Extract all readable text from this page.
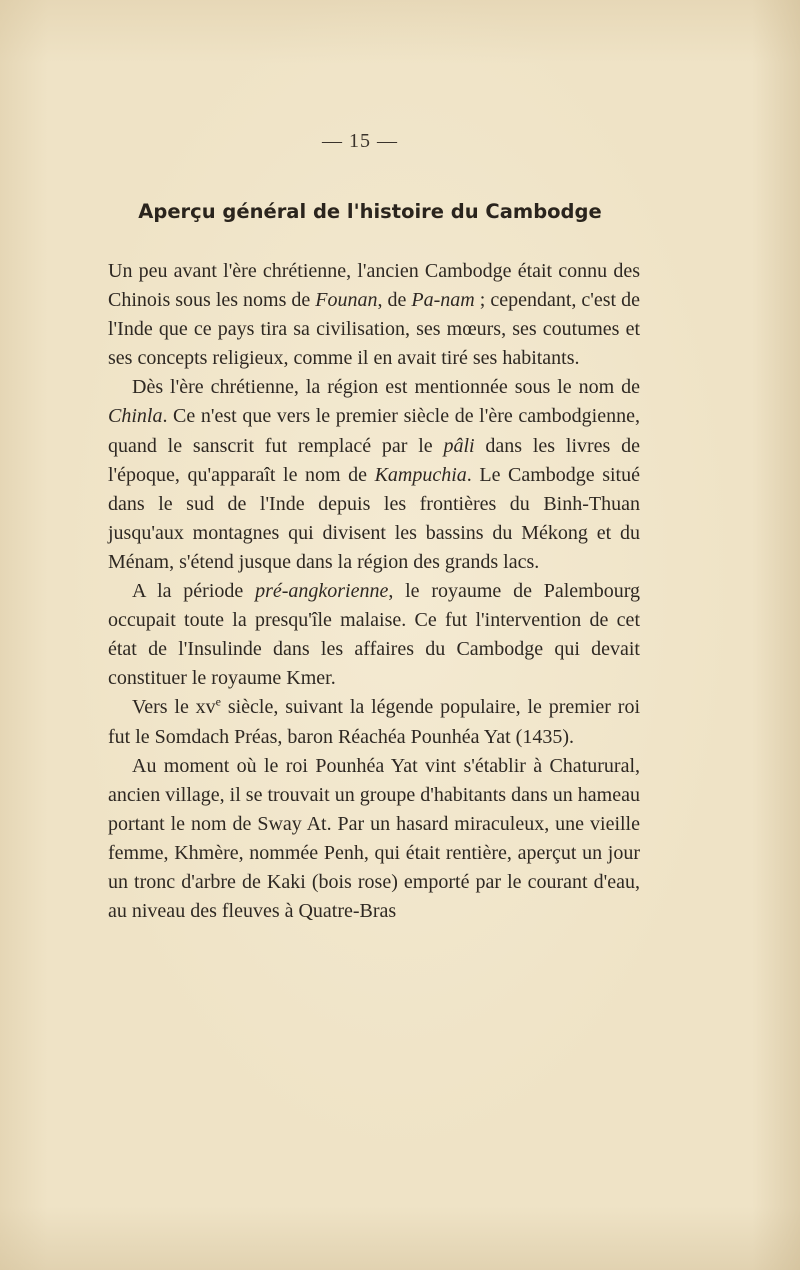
— 15 —
Aperçu général de l'histoire du Cambodge

Un peu avant l'ère chrétienne, l'ancien Cambodge était connu des Chinois sous les noms de Founan, de Pa-nam ; cependant, c'est de l'Inde que ce pays tira sa civilisation, ses mœurs, ses coutumes et ses concepts religieux, comme il en avait tiré ses habitants.

Dès l'ère chrétienne, la région est mentionnée sous le nom de Chinla. Ce n'est que vers le premier siècle de l'ère cambodgienne, quand le sanscrit fut remplacé par le pâli dans les livres de l'époque, qu'apparaît le nom de Kampuchia. Le Cambodge situé dans le sud de l'Inde depuis les frontières du Binh-Thuan jusqu'aux montagnes qui divisent les bassins du Mékong et du Ménam, s'étend jusque dans la région des grands lacs.

A la période pré-angkorienne, le royaume de Palembourg occupait toute la presqu'île malaise. Ce fut l'intervention de cet état de l'Insulinde dans les affaires du Cambodge qui devait constituer le royaume Kmer.

Vers le $xv^e$ siècle, suivant la légende populaire, le premier roi fut le Somdach Préas, baron Réachéa Pounhéa Yat (1435).

Au moment où le roi Pounhéa Yat vint s'établir à Chaturural, ancien village, il se trouvait un groupe d'habitants dans un hameau portant le nom de Sway At. Par un hasard miraculeux, une vieille femme, Khmère, nommée Penh, qui était rentière, aperçut un jour un tronc d'arbre de Kaki (bois rose) emporté par le courant d'eau, au niveau des fleuves à Quatre-Bras
